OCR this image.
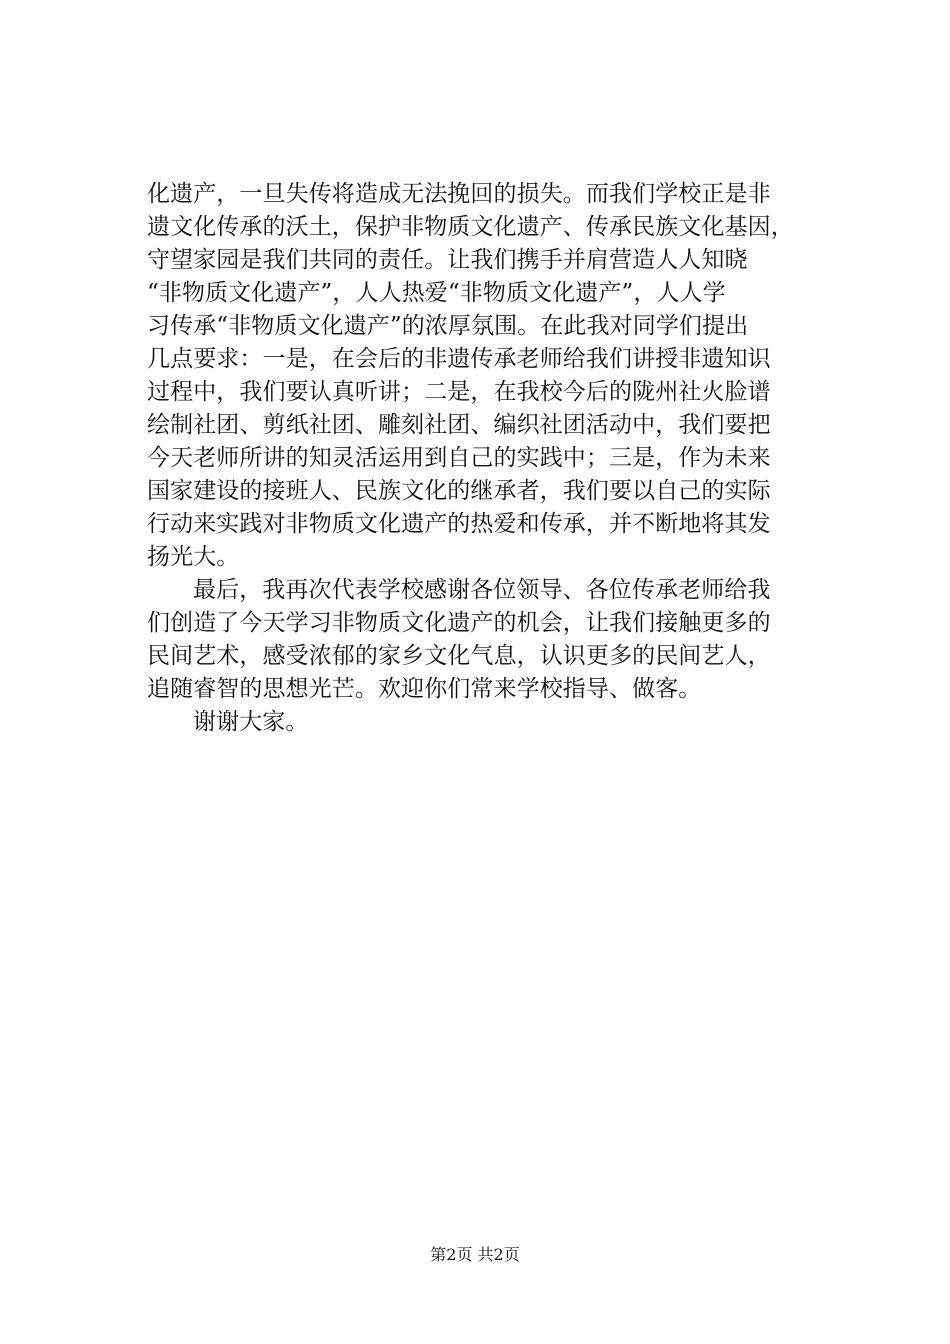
化遗产，一旦失传将造成无法挽回的损失。而我们学校正是非
遗文化传承的沃土，保护非物质文化遗产、传承民族文化基因，
守望家园是我们共同的责任。让我们携手并肩营造人人知晓
“非物质文化遗产”，人人热爱“非物质文化遗产”，人人学
习传承“非物质文化遗产”的浓厚氛围。在此我对同学们提出
几点要求：一是，在会后的非遗传承老师给我们讲授非遗知识
过程中，我们要认真听讲；二是，在我校今后的陇州社火脸谱
绘制社团、剪纸社团、雕刻社团、编织社团活动中，我们要把
今天老师所讲的知灵活运用到自己的实践中；三是，作为未来
国家建设的接班人、民族文化的继承者，我们要以自己的实际
行动来实践对非物质文化遗产的热爱和传承，并不断地将其发
扬光大。
最后，我再次代表学校感谢各位领导、各位传承老师给我
们创造了今天学习非物质文化遗产的机会，让我们接触更多的
民间艺术，感受浓郁的家乡文化气息，认识更多的民间艺人，
追随睿智的思想光芒。欢迎你们常来学校指导、做客。
谢谢大家。
第2页 共2页
